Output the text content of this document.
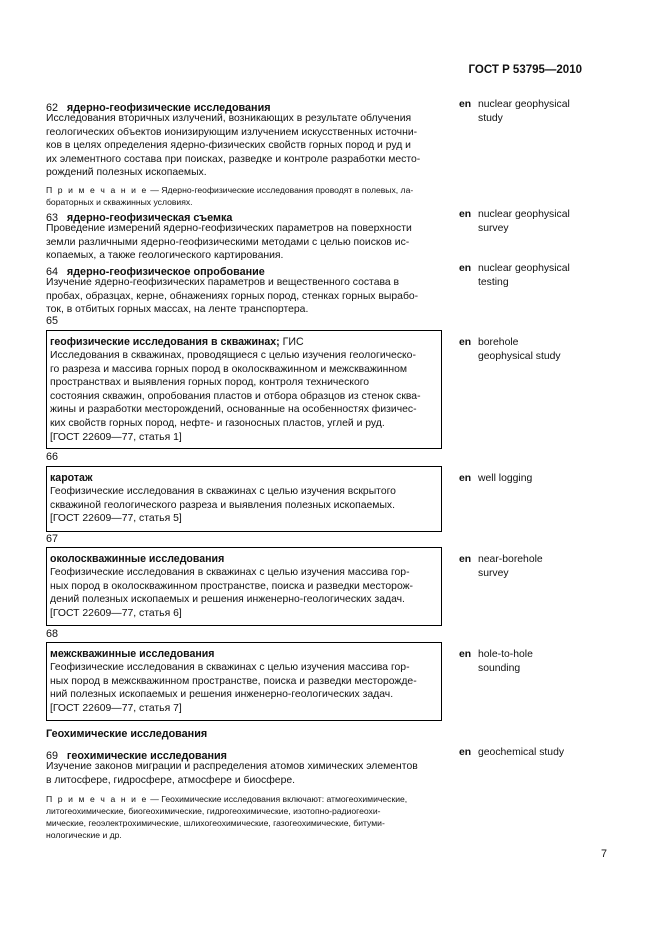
ГОСТ Р 53795—2010
62 ядерно-геофизические исследования
Исследования вторичных излучений, возникающих в результате облучения
геологических объектов ионизирующим излучением искусственных источни-
ков в целях определения ядерно-физических свойств горных пород и руд и
их элементного состава при поисках, разведке и контроле разработки место-
рождений полезных ископаемых.
П р и м е ч а н и е — Ядерно-геофизические исследования проводят в полевых, ла-
бораторных и скважинных условиях.
en nuclear geophysical
study
63 ядерно-геофизическая съемка
Проведение измерений ядерно-геофизических параметров на поверхности
земли различными ядерно-геофизическими методами с целью поисков ис-
копаемых, а также геологического картирования.
en nuclear geophysical
survey
64 ядерно-геофизическое опробование
Изучение ядерно-геофизических параметров и вещественного состава в
пробах, образцах, керне, обнажениях горных пород, стенках горных вырабо-
ток, в отбитых горных массах, на ленте транспортера.
en nuclear geophysical
testing
65
геофизические исследования в скважинах; ГИС
Исследования в скважинах, проводящиеся с целью изучения геологическо-
го разреза и массива горных пород в околоскважинном и межскважинном
пространствах и выявления горных пород, контроля технического
состояния скважин, опробования пластов и отбора образцов из стенок сква-
жины и разработки месторождений, основанные на особенностях физичес-
ких свойств горных пород, нефте- и газоносных пластов, углей и руд.
[ГОСТ 22609—77, статья 1]
en borehole
geophysical study
66
каротаж
Геофизические исследования в скважинах с целью изучения вскрытого
скважиной геологического разреза и выявления полезных ископаемых.
[ГОСТ 22609—77, статья 5]
en well logging
67
околоскважинные исследования
Геофизические исследования в скважинах с целью изучения массива гор-
ных пород в околоскважинном пространстве, поиска и разведки месторож-
дений полезных ископаемых и решения инженерно-геологических задач.
[ГОСТ 22609—77, статья 6]
en near-borehole
survey
68
межскважинные исследования
Геофизические исследования в скважинах с целью изучения массива гор-
ных пород в межскважинном пространстве, поиска и разведки месторожде-
ний полезных ископаемых и решения инженерно-геологических задач.
[ГОСТ 22609—77, статья 7]
en hole-to-hole
sounding
Геохимические исследования
69 геохимические исследования
Изучение законов миграции и распределения атомов химических элементов
в литосфере, гидросфере, атмосфере и биосфере.
П р и м е ч а н и е — Геохимические исследования включают: атмогеохимические,
литогеохимические, биогеохимические, гидрогеохимические, изотопно-радиогеохи-
мические, геоэлектрохимические, шлихогеохимические, газогеохимические, битуми-
нологические и др.
en geochemical study
7
